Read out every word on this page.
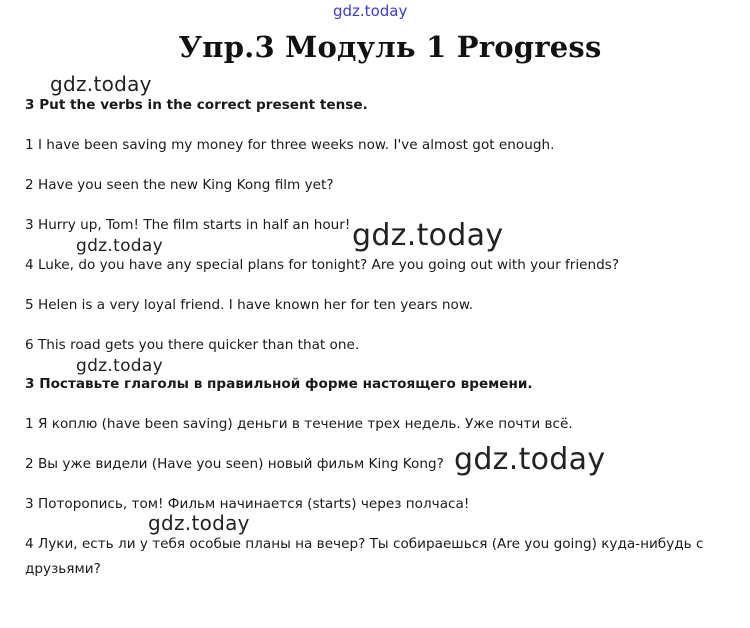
gdz.today
Упр.3 Модуль 1 Progress
gdz.today
3 Put the verbs in the correct present tense.
1 I have been saving my money for three weeks now. I've almost got enough.
2 Have you seen the new King Kong film yet?
3 Hurry up, Tom! The film starts in half an hour! gdz.today
gdz.today
4 Luke, do you have any special plans for tonight? Are you going out with your friends?
5 Helen is a very loyal friend. I have known her for ten years now.
6 This road gets you there quicker than that one.
gdz.today
3 Поставьте глаголы в правильной форме настоящего времени.
1 Я коплю (have been saving) деньги в течение трех недель. Уже почти всё.
2 Вы уже видели (Have you seen) новый фильм King Kong? gdz.today
3 Поторопись, том! Фильм начинается (starts) через полчаса!
gdz.today
4 Луки, есть ли у тебя особые планы на вечер? Ты собираешься (Are you going) куда-нибудь с
друзьями?
